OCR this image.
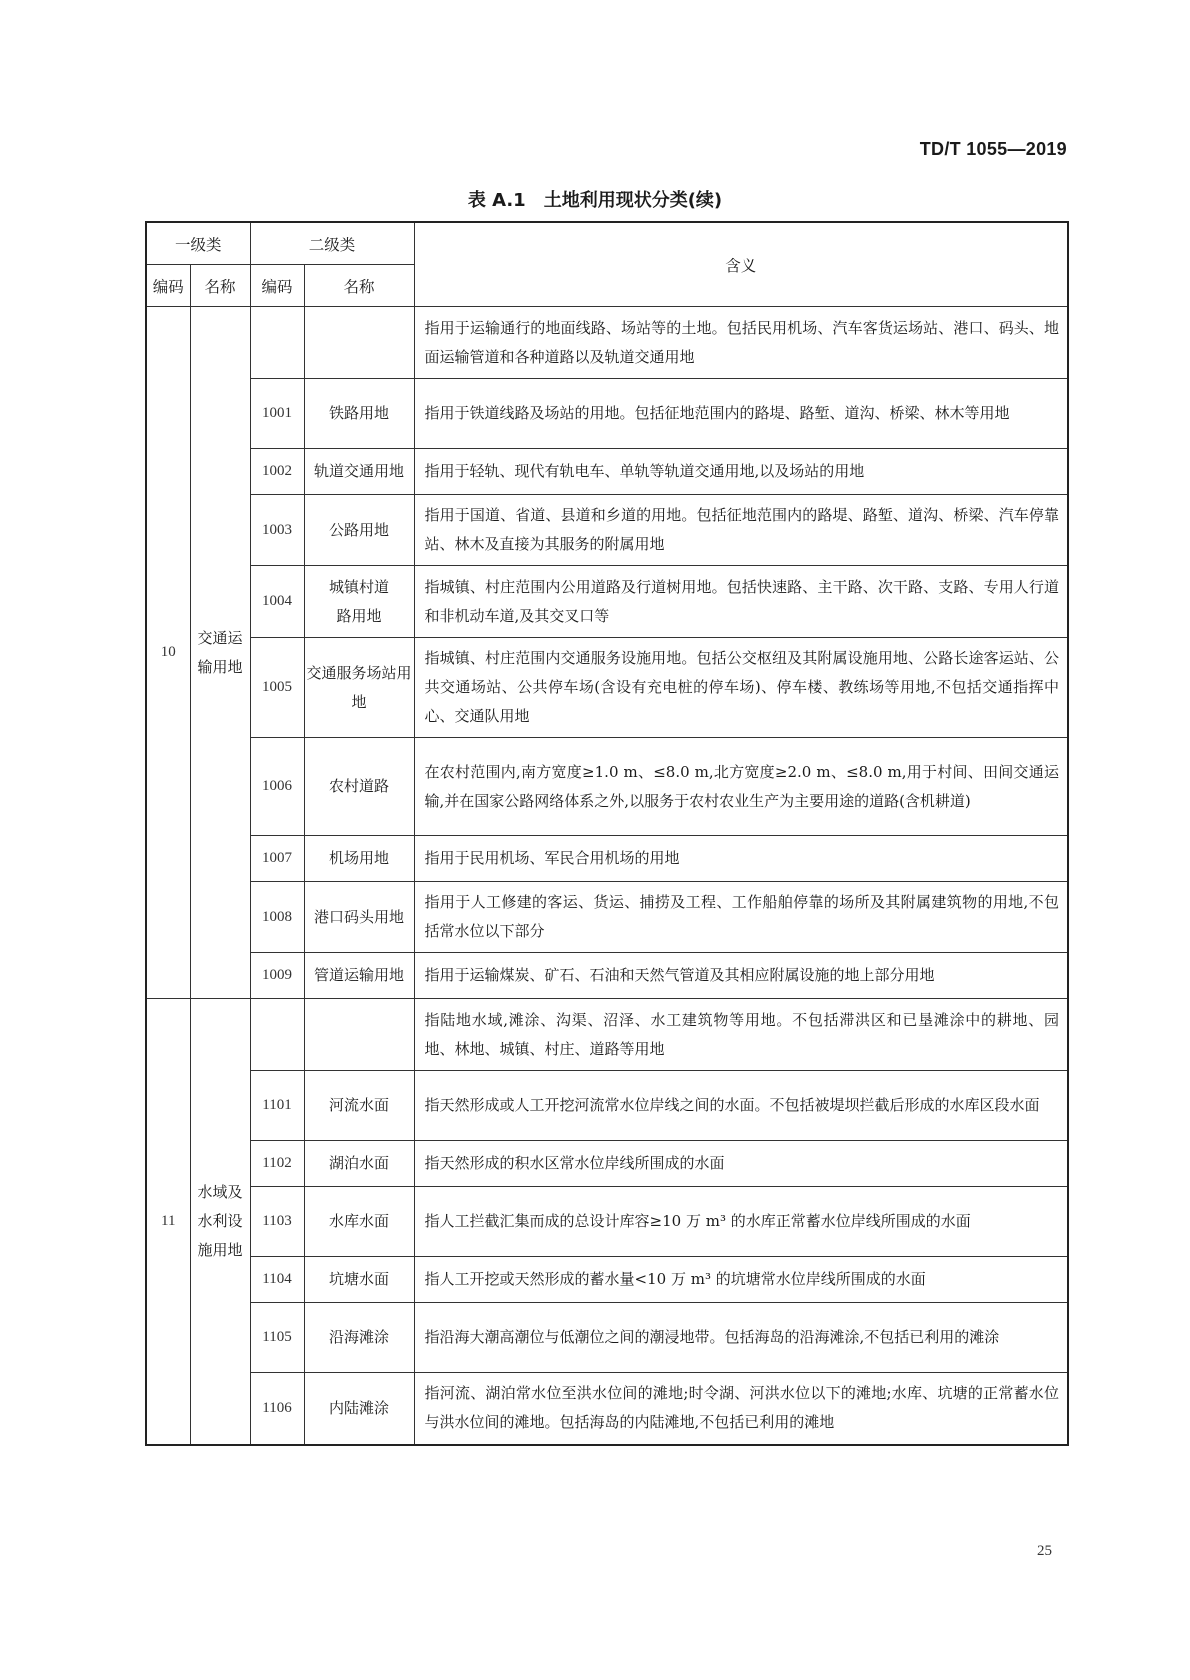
TD/T 1055—2019
表 A.1　土地利用现状分类(续)
一级类		二级类		含义
编码	名称	编码	名称	
10	交通运输用地			指用于运输通行的地面线路、场站等的土地。包括民用机场、汽车客货运场站、港口、码头、地面运输管道和各种道路以及轨道交通用地
		1001	铁路用地	指用于铁道线路及场站的用地。包括征地范围内的路堤、路堑、道沟、桥梁、林木等用地
		1002	轨道交通用地	指用于轻轨、现代有轨电车、单轨等轨道交通用地,以及场站的用地
		1003	公路用地	指用于国道、省道、县道和乡道的用地。包括征地范围内的路堤、路堑、道沟、桥梁、汽车停靠站、林木及直接为其服务的附属用地
		1004	城镇村道路用地	指城镇、村庄范围内公用道路及行道树用地。包括快速路、主干路、次干路、支路、专用人行道和非机动车道,及其交叉口等
		1005	交通服务场站用地	指城镇、村庄范围内交通服务设施用地。包括公交枢纽及其附属设施用地、公路长途客运站、公共交通场站、公共停车场(含设有充电桩的停车场)、停车楼、教练场等用地,不包括交通指挥中心、交通队用地
		1006	农村道路	在农村范围内,南方宽度≥1.0 m、≤8.0 m,北方宽度≥2.0 m、≤8.0 m,用于村间、田间交通运输,并在国家公路网络体系之外,以服务于农村农业生产为主要用途的道路(含机耕道)
		1007	机场用地	指用于民用机场、军民合用机场的用地
		1008	港口码头用地	指用于人工修建的客运、货运、捕捞及工程、工作船舶停靠的场所及其附属建筑物的用地,不包括常水位以下部分
		1009	管道运输用地	指用于运输煤炭、矿石、石油和天然气管道及其相应附属设施的地上部分用地
11	水域及水利设施用地			指陆地水域,滩涂、沟渠、沼泽、水工建筑物等用地。不包括滞洪区和已垦滩涂中的耕地、园地、林地、城镇、村庄、道路等用地
		1101	河流水面	指天然形成或人工开挖河流常水位岸线之间的水面。不包括被堤坝拦截后形成的水库区段水面
		1102	湖泊水面	指天然形成的积水区常水位岸线所围成的水面
		1103	水库水面	指人工拦截汇集而成的总设计库容≥10 万 m³ 的水库正常蓄水位岸线所围成的水面
		1104	坑塘水面	指人工开挖或天然形成的蓄水量<10 万 m³ 的坑塘常水位岸线所围成的水面
		1105	沿海滩涂	指沿海大潮高潮位与低潮位之间的潮浸地带。包括海岛的沿海滩涂,不包括已利用的滩涂
		1106	内陆滩涂	指河流、湖泊常水位至洪水位间的滩地;时令湖、河洪水位以下的滩地;水库、坑塘的正常蓄水位与洪水位间的滩地。包括海岛的内陆滩地,不包括已利用的滩地
25
